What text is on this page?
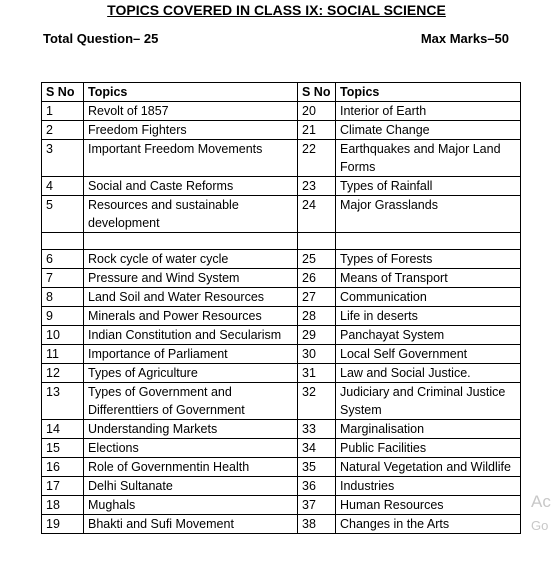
TOPICS COVERED IN CLASS IX: SOCIAL SCIENCE
Total Question– 25	Max Marks–50
S No	Topics	S No	Topics
1	Revolt of 1857	20	Interior of Earth
2	Freedom Fighters	21	Climate Change
3	Important Freedom Movements	22	Earthquakes and Major Land Forms
4	Social and Caste Reforms	23	Types of Rainfall
5	Resources and sustainable development	24	Major Grasslands

6	Rock cycle of water cycle	25	Types of Forests
7	Pressure and Wind System	26	Means of Transport
8	Land Soil and Water Resources	27	Communication
9	Minerals and Power Resources	28	Life in deserts
10	Indian Constitution and Secularism	29	Panchayat System
11	Importance of Parliament	30	Local Self Government
12	Types of Agriculture	31	Law and Social Justice.
13	Types of Government and Differenttiers of Government	32	Judiciary and Criminal Justice System
14	Understanding Markets	33	Marginalisation
15	Elections	34	Public Facilities
16	Role of Governmentin Health	35	Natural Vegetation and Wildlife
17	Delhi Sultanate	36	Industries
18	Mughals	37	Human Resources
19	Bhakti and Sufi Movement	38	Changes in the Arts
Ac
Go
